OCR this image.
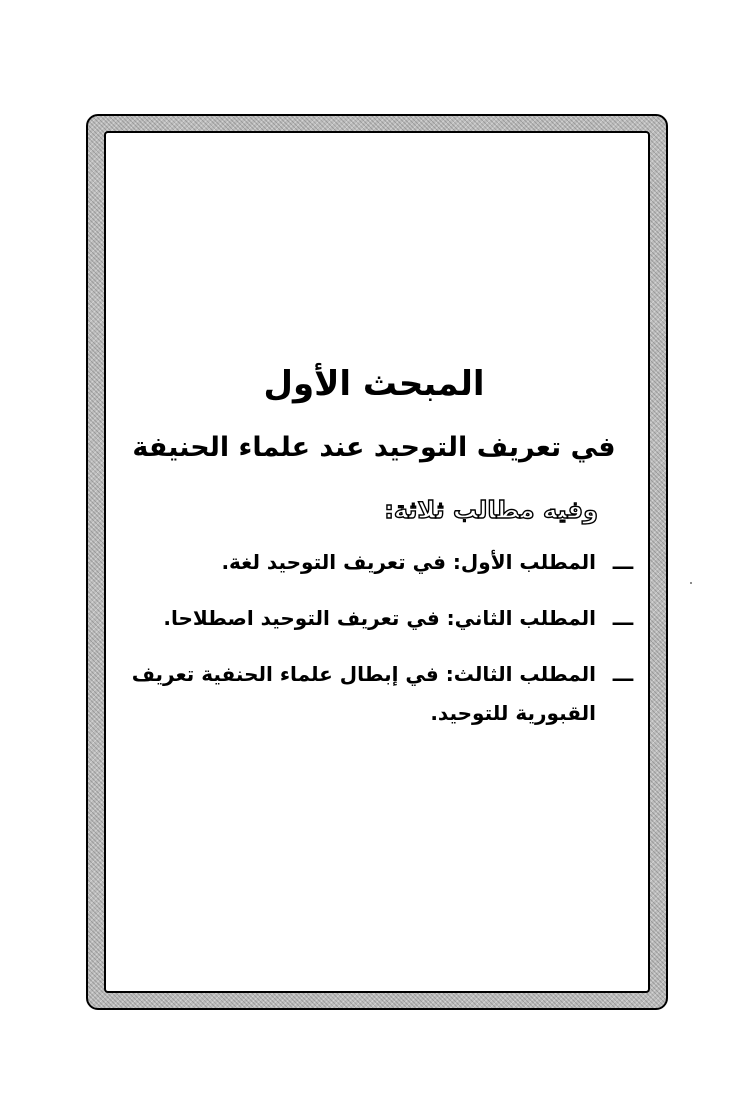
المبحث الأول
في تعريف التوحيد عند علماء الحنيفة

وفيه مطالب ثلاثة:

ـــ
المطلب الأول: في تعريف التوحيد لغة.
ـــ
المطلب الثاني: في تعريف التوحيد اصطلاحا.
ـــ
المطلب الثالث: في إبطال علماء الحنفية تعريف القبورية للتوحيد.
